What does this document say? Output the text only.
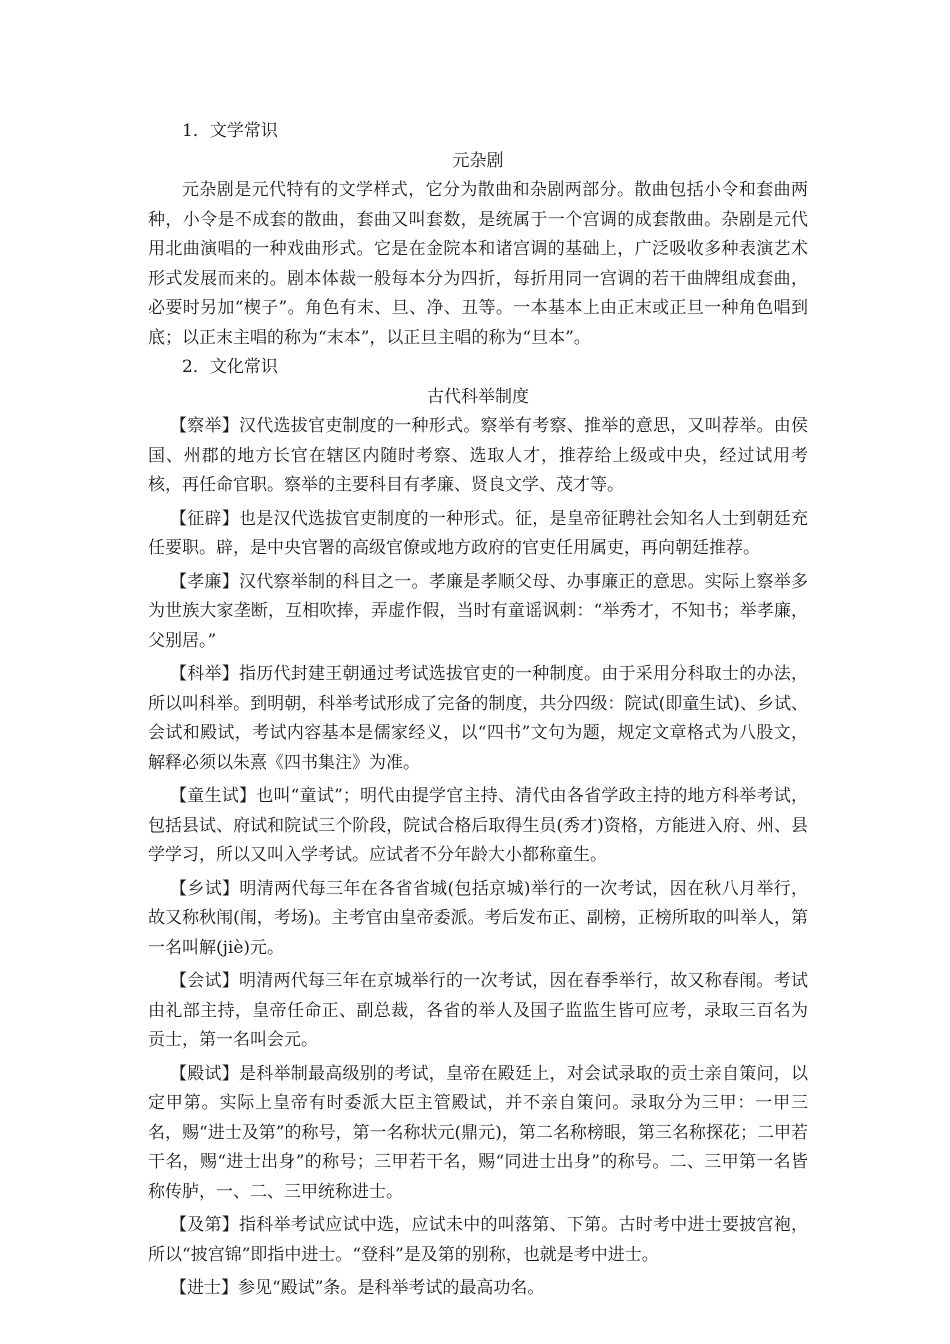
1．文学常识

元杂剧

元杂剧是元代特有的文学样式，它分为散曲和杂剧两部分。散曲包括小令和套曲两种，小令是不成套的散曲，套曲又叫套数，是统属于一个宫调的成套散曲。杂剧是元代用北曲演唱的一种戏曲形式。它是在金院本和诸宫调的基础上，广泛吸收多种表演艺术形式发展而来的。剧本体裁一般每本分为四折，每折用同一宫调的若干曲牌组成套曲，必要时另加“楔子”。角色有末、旦、净、丑等。一本基本上由正末或正旦一种角色唱到底；以正末主唱的称为“末本”，以正旦主唱的称为“旦本”。

2．文化常识

古代科举制度

【察举】汉代选拔官吏制度的一种形式。察举有考察、推举的意思，又叫荐举。由侯国、州郡的地方长官在辖区内随时考察、选取人才，推荐给上级或中央，经过试用考核，再任命官职。察举的主要科目有孝廉、贤良文学、茂才等。

【征辟】也是汉代选拔官吏制度的一种形式。征，是皇帝征聘社会知名人士到朝廷充任要职。辟，是中央官署的高级官僚或地方政府的官吏任用属吏，再向朝廷推荐。

【孝廉】汉代察举制的科目之一。孝廉是孝顺父母、办事廉正的意思。实际上察举多为世族大家垄断，互相吹捧，弄虚作假，当时有童谣讽刺：“举秀才，不知书；举孝廉，父别居。”

【科举】指历代封建王朝通过考试选拔官吏的一种制度。由于采用分科取士的办法，所以叫科举。到明朝，科举考试形成了完备的制度，共分四级：院试(即童生试)、乡试、会试和殿试，考试内容基本是儒家经义，以“四书”文句为题，规定文章格式为八股文，解释必须以朱熹《四书集注》为准。

【童生试】也叫“童试”；明代由提学官主持、清代由各省学政主持的地方科举考试，包括县试、府试和院试三个阶段，院试合格后取得生员(秀才)资格，方能进入府、州、县学学习，所以又叫入学考试。应试者不分年龄大小都称童生。

【乡试】明清两代每三年在各省省城(包括京城)举行的一次考试，因在秋八月举行，故又称秋闱(闱，考场)。主考官由皇帝委派。考后发布正、副榜，正榜所取的叫举人，第一名叫解(jiè)元。

【会试】明清两代每三年在京城举行的一次考试，因在春季举行，故又称春闱。考试由礼部主持，皇帝任命正、副总裁，各省的举人及国子监监生皆可应考，录取三百名为贡士，第一名叫会元。

【殿试】是科举制最高级别的考试，皇帝在殿廷上，对会试录取的贡士亲自策问，以定甲第。实际上皇帝有时委派大臣主管殿试，并不亲自策问。录取分为三甲：一甲三名，赐“进士及第”的称号，第一名称状元(鼎元)，第二名称榜眼，第三名称探花；二甲若干名，赐“进士出身”的称号；三甲若干名，赐“同进士出身”的称号。二、三甲第一名皆称传胪，一、二、三甲统称进士。

【及第】指科举考试应试中选，应试未中的叫落第、下第。古时考中进士要披宫袍，所以“披宫锦”即指中进士。“登科”是及第的别称，也就是考中进士。

【进士】参见“殿试”条。是科举考试的最高功名。
